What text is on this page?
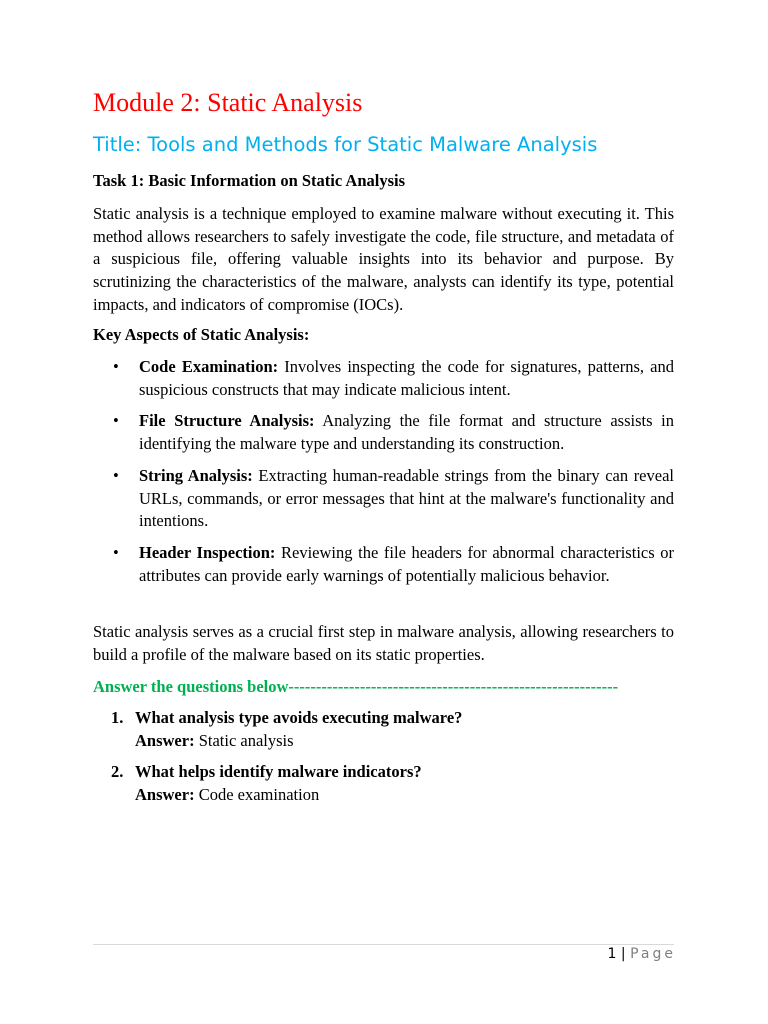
Module 2: Static Analysis
Title: Tools and Methods for Static Malware Analysis
Task 1: Basic Information on Static Analysis

Static analysis is a technique employed to examine malware without executing it. This method allows researchers to safely investigate the code, file structure, and metadata of a suspicious file, offering valuable insights into its behavior and purpose. By scrutinizing the characteristics of the malware, analysts can identify its type, potential impacts, and indicators of compromise (IOCs).

Key Aspects of Static Analysis:
• Code Examination: Involves inspecting the code for signatures, patterns, and suspicious constructs that may indicate malicious intent.
• File Structure Analysis: Analyzing the file format and structure assists in identifying the malware type and understanding its construction.
• String Analysis: Extracting human-readable strings from the binary can reveal URLs, commands, or error messages that hint at the malware's functionality and intentions.
• Header Inspection: Reviewing the file headers for abnormal characteristics or attributes can provide early warnings of potentially malicious behavior.

Static analysis serves as a crucial first step in malware analysis, allowing researchers to build a profile of the malware based on its static properties.

Answer the questions below------------------------------------------------------------
1. What analysis type avoids executing malware?
Answer: Static analysis
2. What helps identify malware indicators?
Answer: Code examination
1 | Page
